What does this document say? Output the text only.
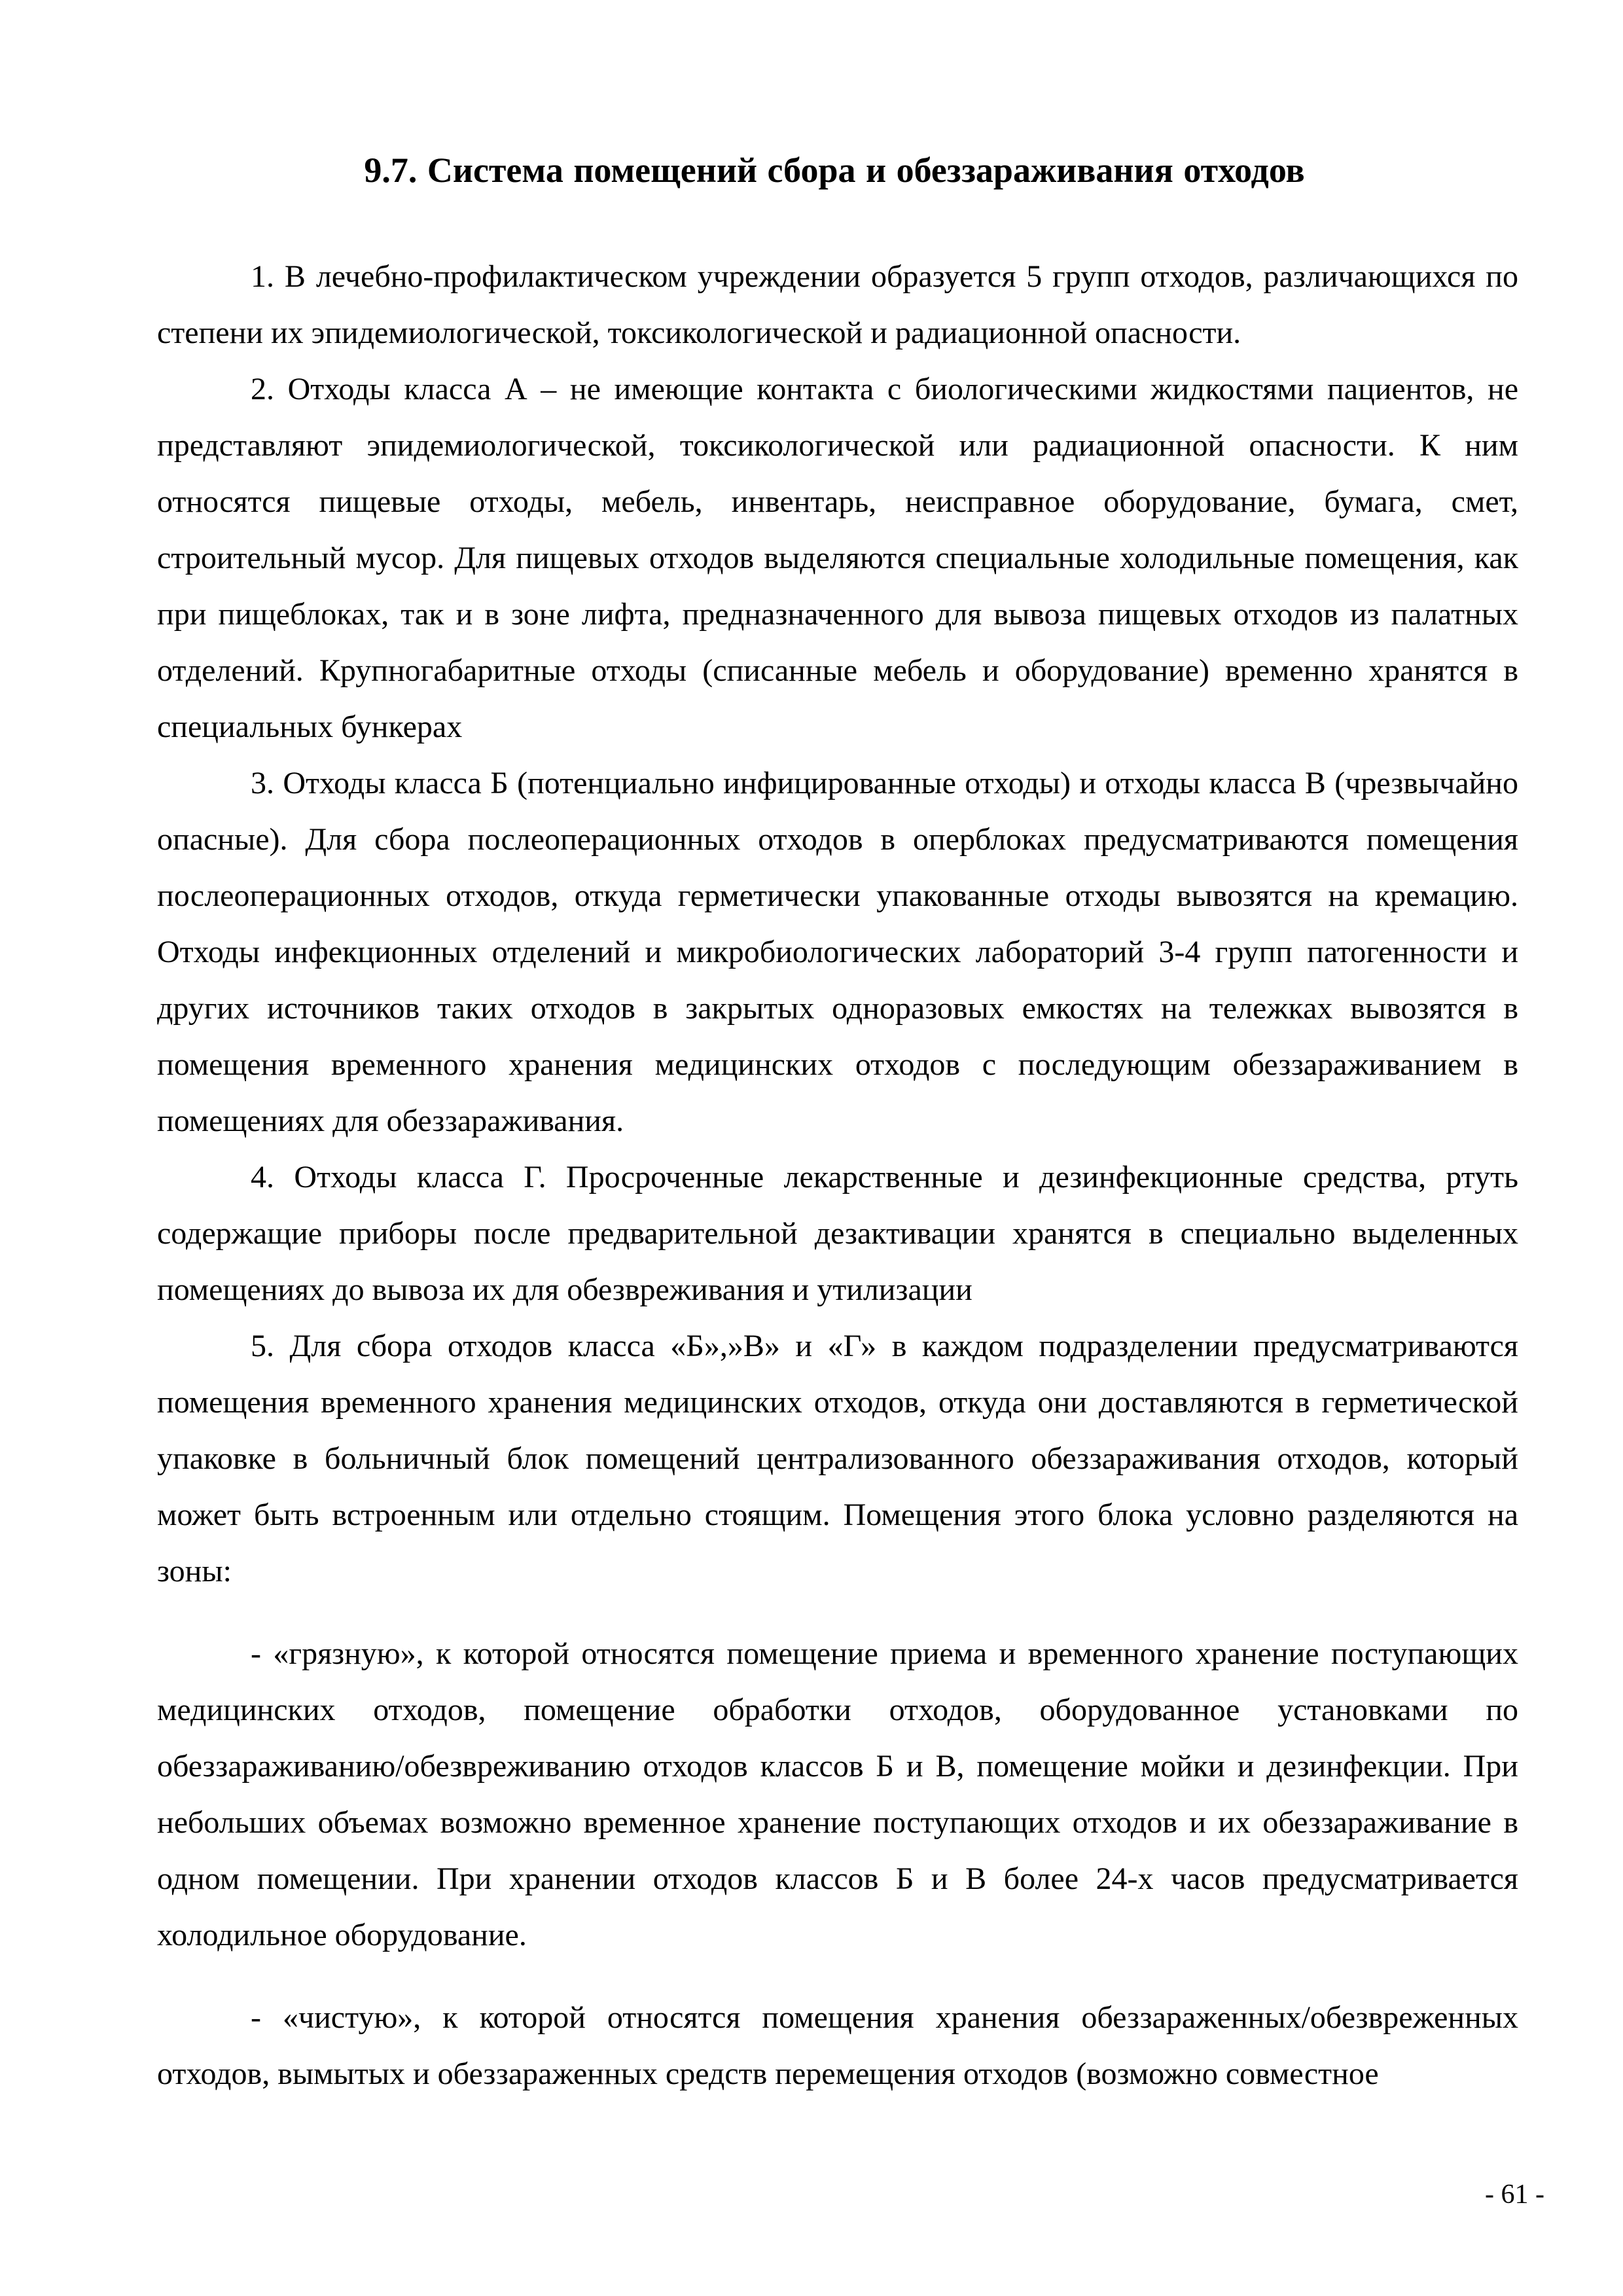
9.7. Система помещений сбора и обеззараживания отходов

1. В лечебно-профилактическом учреждении образуется 5 групп отходов, различающихся по степени их эпидемиологической, токсикологической и радиационной опасности.

2. Отходы класса А – не имеющие контакта с биологическими жидкостями пациентов, не представляют эпидемиологической, токсикологической или радиационной опасности. К ним относятся пищевые отходы, мебель, инвентарь, неисправное оборудование, бумага, смет, строительный мусор. Для пищевых отходов выделяются специальные холодильные помещения, как при пищеблоках, так и в зоне лифта, предназначенного для вывоза пищевых отходов из палатных отделений. Крупногабаритные отходы (списанные мебель и оборудование) временно хранятся в специальных бункерах

3. Отходы класса Б (потенциально инфицированные отходы) и отходы класса В (чрезвычайно опасные). Для сбора послеоперационных отходов в оперблоках предусматриваются помещения послеоперационных отходов, откуда герметически упакованные отходы вывозятся на кремацию. Отходы инфекционных отделений и микробиологических лабораторий 3-4 групп патогенности и других источников таких отходов в закрытых одноразовых емкостях на тележках вывозятся в помещения временного хранения медицинских отходов с последующим обеззараживанием в помещениях для обеззараживания.

4. Отходы класса Г. Просроченные лекарственные и дезинфекционные средства, ртуть содержащие приборы после предварительной дезактивации хранятся в специально выделенных помещениях до вывоза их для обезвреживания и утилизации

5. Для сбора отходов класса «Б»,»В» и «Г» в каждом подразделении предусматриваются помещения временного хранения медицинских отходов, откуда они доставляются в герметической упаковке в больничный блок помещений централизованного обеззараживания отходов, который может быть встроенным или отдельно стоящим. Помещения этого блока условно разделяются на зоны:

- «грязную», к которой относятся помещение приема и временного хранение поступающих медицинских отходов, помещение обработки отходов, оборудованное установками по обеззараживанию/обезвреживанию отходов классов Б и В, помещение мойки и дезинфекции. При небольших объемах возможно временное хранение поступающих отходов и их обеззараживание в одном помещении. При хранении отходов классов Б и В более 24-х часов предусматривается холодильное оборудование.

- «чистую», к которой относятся помещения хранения обеззараженных/обезвреженных отходов, вымытых и обеззараженных средств перемещения отходов (возможно совместное

- 61 -
